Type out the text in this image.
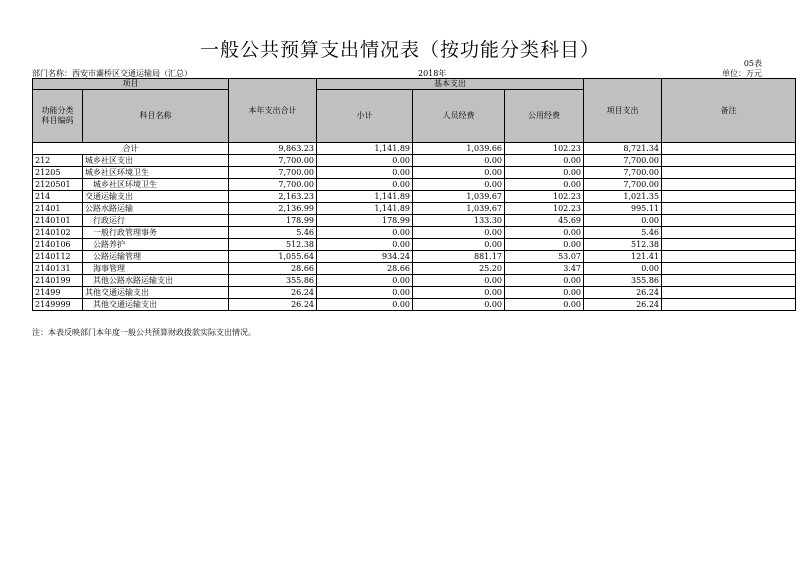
一般公共预算支出情况表（按功能分类科目）
05表
部门名称：西安市灞桥区交通运输局（汇总）	2018年	单位：万元
项目		本年支出合计	基本支出			项目支出	备注
功能分类
科目编码	科目名称		小计	人员经费	公用经费		

合计		9,863.23	1,141.89	1,039.66	102.23	8,721.34	
212	城乡社区支出	7,700.00	0.00	0.00	0.00	7,700.00	
21205	城乡社区环境卫生	7,700.00	0.00	0.00	0.00	7,700.00	
2120501	城乡社区环境卫生	7,700.00	0.00	0.00	0.00	7,700.00	
214	交通运输支出	2,163.23	1,141.89	1,039.67	102.23	1,021.35	
21401	公路水路运输	2,136.99	1,141.89	1,039.67	102.23	995.11	
2140101	行政运行	178.99	178.99	133.30	45.69	0.00	
2140102	一般行政管理事务	5.46	0.00	0.00	0.00	5.46	
2140106	公路养护	512.38	0.00	0.00	0.00	512.38	
2140112	公路运输管理	1,055.64	934.24	881.17	53.07	121.41	
2140131	海事管理	28.66	28.66	25.20	3.47	0.00	
2140199	其他公路水路运输支出	355.86	0.00	0.00	0.00	355.86	
21499	其他交通运输支出	26.24	0.00	0.00	0.00	26.24	
2149999	其他交通运输支出	26.24	0.00	0.00	0.00	26.24	
注：本表反映部门本年度一般公共预算财政拨款实际支出情况。
